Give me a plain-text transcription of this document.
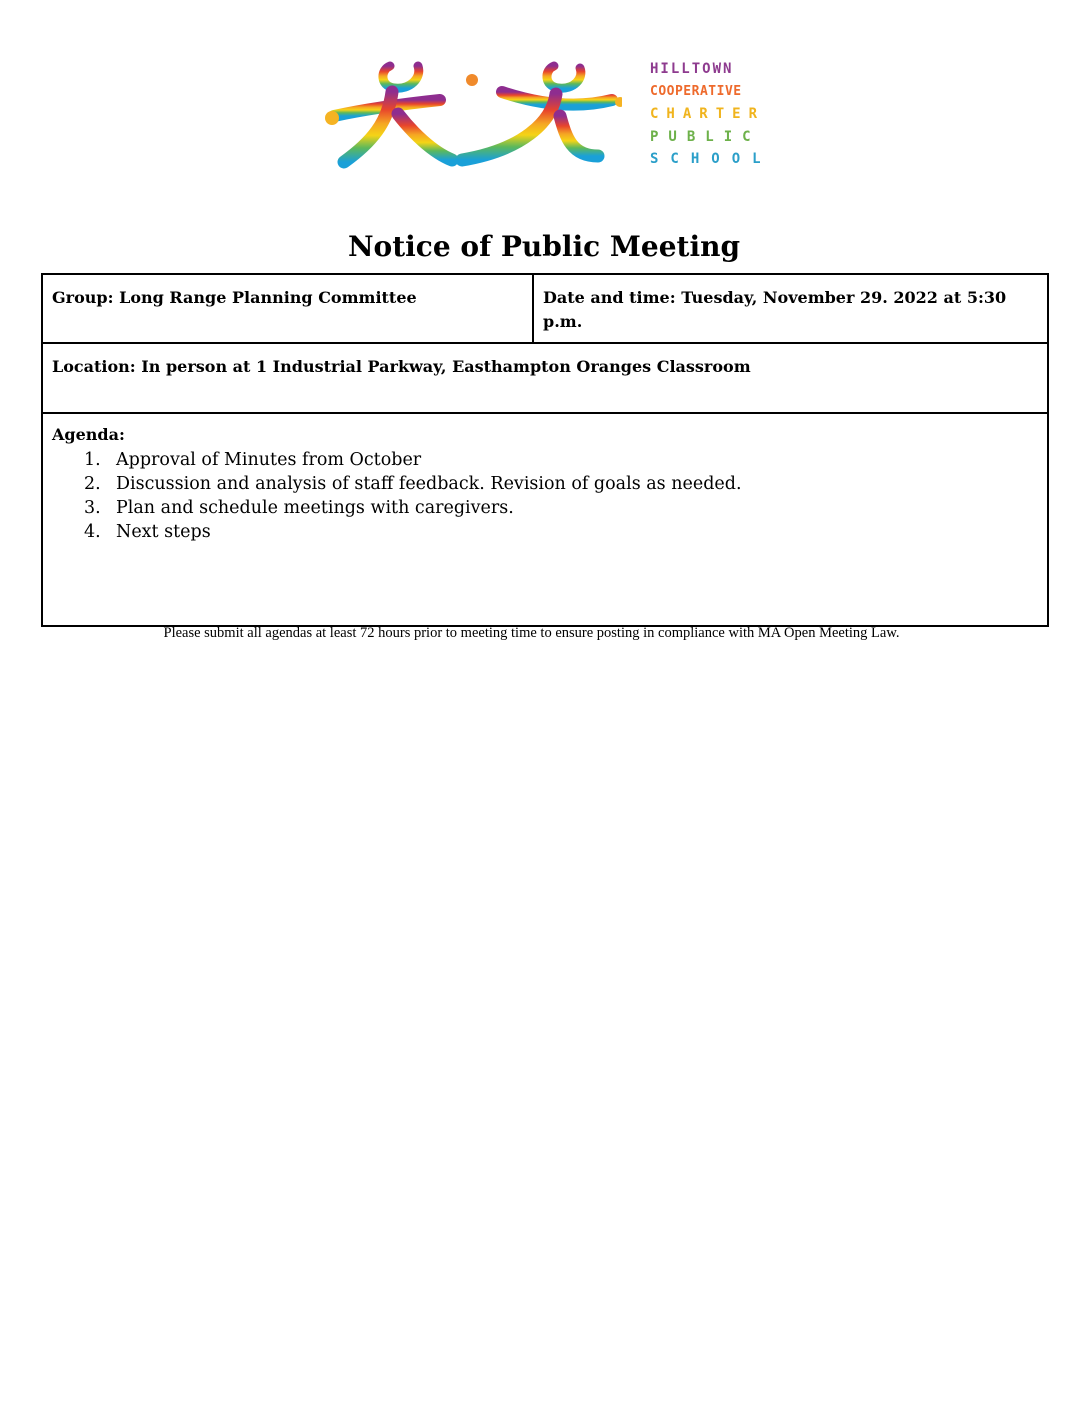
HILLTOWN
COOPERATIVE
CHARTER
PUBLIC
SCHOOL
Notice of Public Meeting
Group: Long Range Planning Committee	Date and time: Tuesday, November 29. 2022 at 5:30 p.m.
Location: In person at 1 Industrial Parkway, Easthampton Oranges Classroom

Agenda:
1. Approval of Minutes from October
2. Discussion and analysis of staff feedback. Revision of goals as needed.
3. Plan and schedule meetings with caregivers.
4. Next steps
Please submit all agendas at least 72 hours prior to meeting time to ensure posting in compliance with MA Open Meeting Law.
